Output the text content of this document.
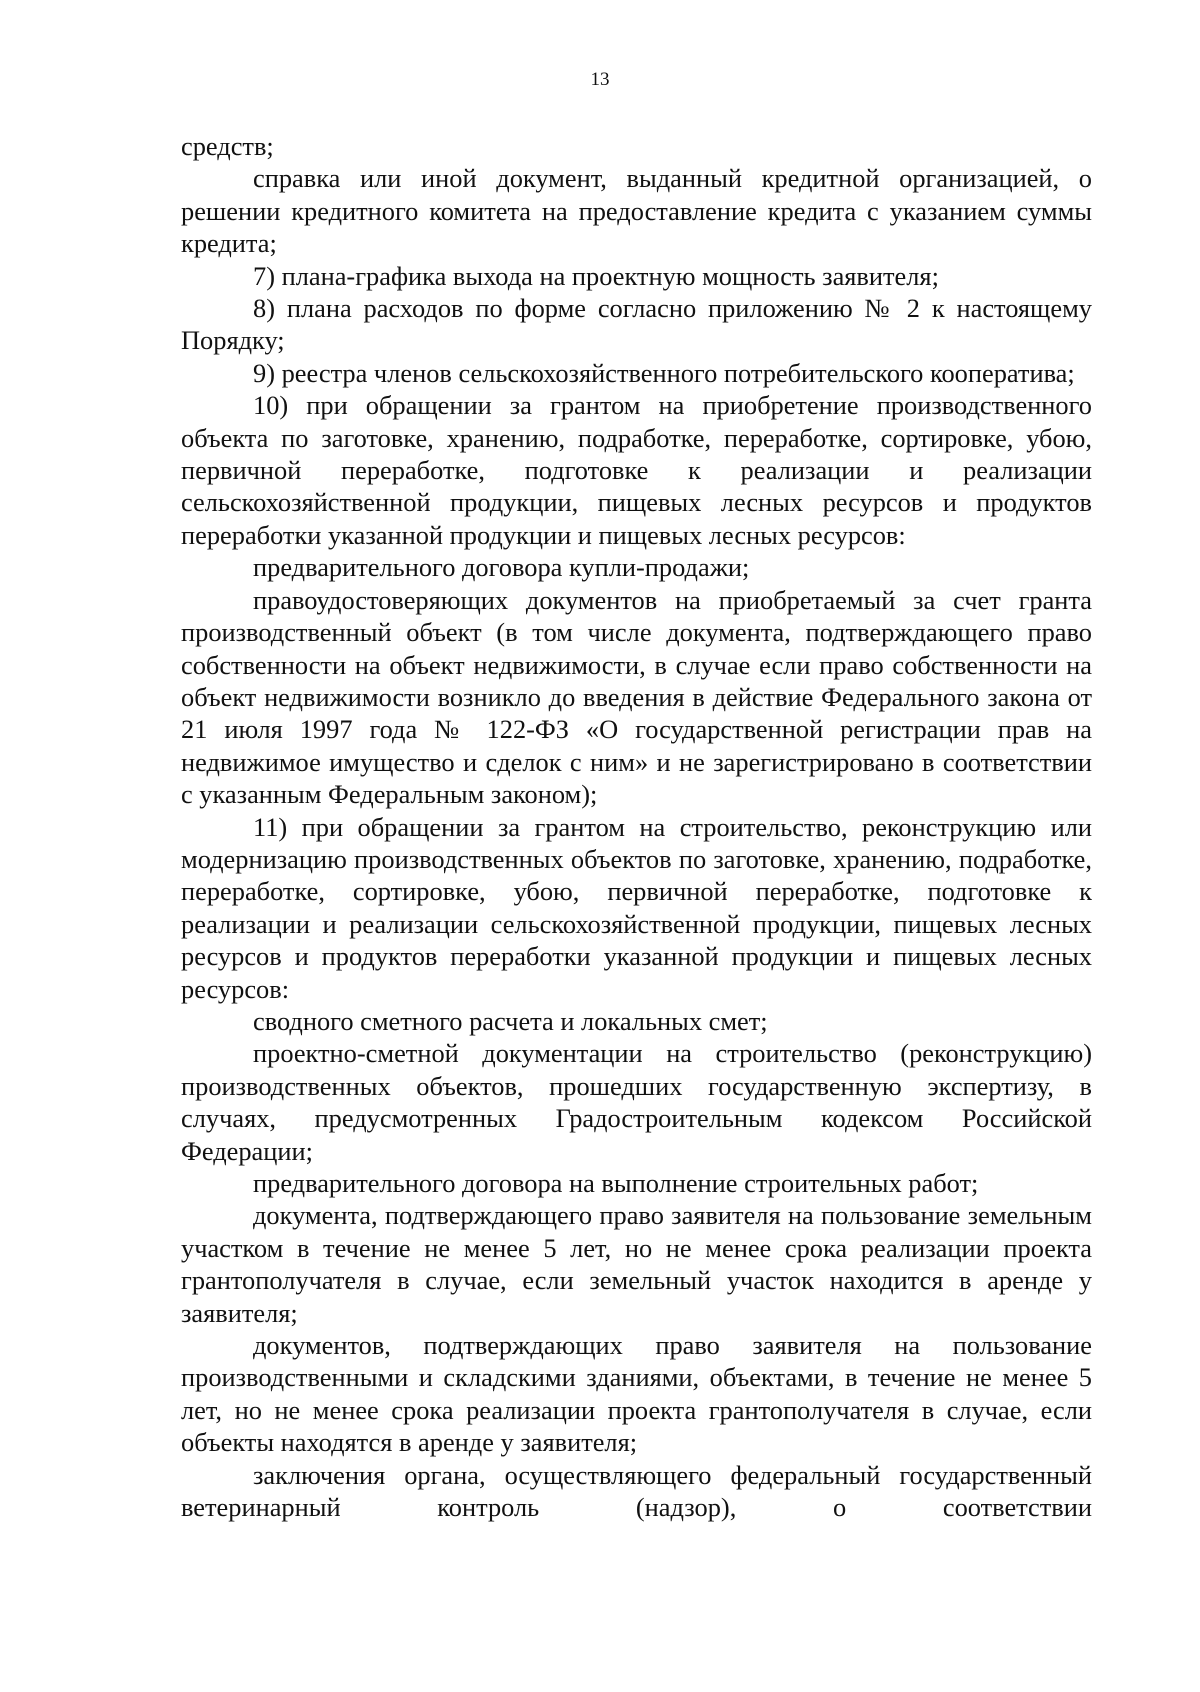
13

средств;

справка или иной документ, выданный кредитной организацией, о решении кредитного комитета на предоставление кредита с указанием суммы кредита;

7) плана-графика выхода на проектную мощность заявителя;

8) плана расходов по форме согласно приложению № 2 к настоящему Порядку;

9) реестра членов сельскохозяйственного потребительского кооператива;

10) при обращении за грантом на приобретение производственного объекта по заготовке, хранению, подработке, переработке, сортировке, убою, первичной переработке, подготовке к реализации и реализации сельскохозяйственной продукции, пищевых лесных ресурсов и продуктов переработки указанной продукции и пищевых лесных ресурсов:

предварительного договора купли-продажи;

правоудостоверяющих документов на приобретаемый за счет гранта производственный объект (в том числе документа, подтверждающего право собственности на объект недвижимости, в случае если право собственности на объект недвижимости возникло до введения в действие Федерального закона от 21 июля 1997 года № 122-ФЗ «О государственной регистрации прав на недвижимое имущество и сделок с ним» и не зарегистрировано в соответствии с указанным Федеральным законом);

11) при обращении за грантом на строительство, реконструкцию или модернизацию производственных объектов по заготовке, хранению, подработке, переработке, сортировке, убою, первичной переработке, подготовке к реализации и реализации сельскохозяйственной продукции, пищевых лесных ресурсов и продуктов переработки указанной продукции и пищевых лесных ресурсов:

сводного сметного расчета и локальных смет;

проектно-сметной документации на строительство (реконструкцию) производственных объектов, прошедших государственную экспертизу, в случаях, предусмотренных Градостроительным кодексом Российской Федерации;

предварительного договора на выполнение строительных работ;

документа, подтверждающего право заявителя на пользование земельным участком в течение не менее 5 лет, но не менее срока реализации проекта грантополучателя в случае, если земельный участок находится в аренде у заявителя;

документов, подтверждающих право заявителя на пользование производственными и складскими зданиями, объектами, в течение не менее 5 лет, но не менее срока реализации проекта грантополучателя в случае, если объекты находятся в аренде у заявителя;

заключения органа, осуществляющего федеральный государственный ветеринарный контроль (надзор), о соответствии
